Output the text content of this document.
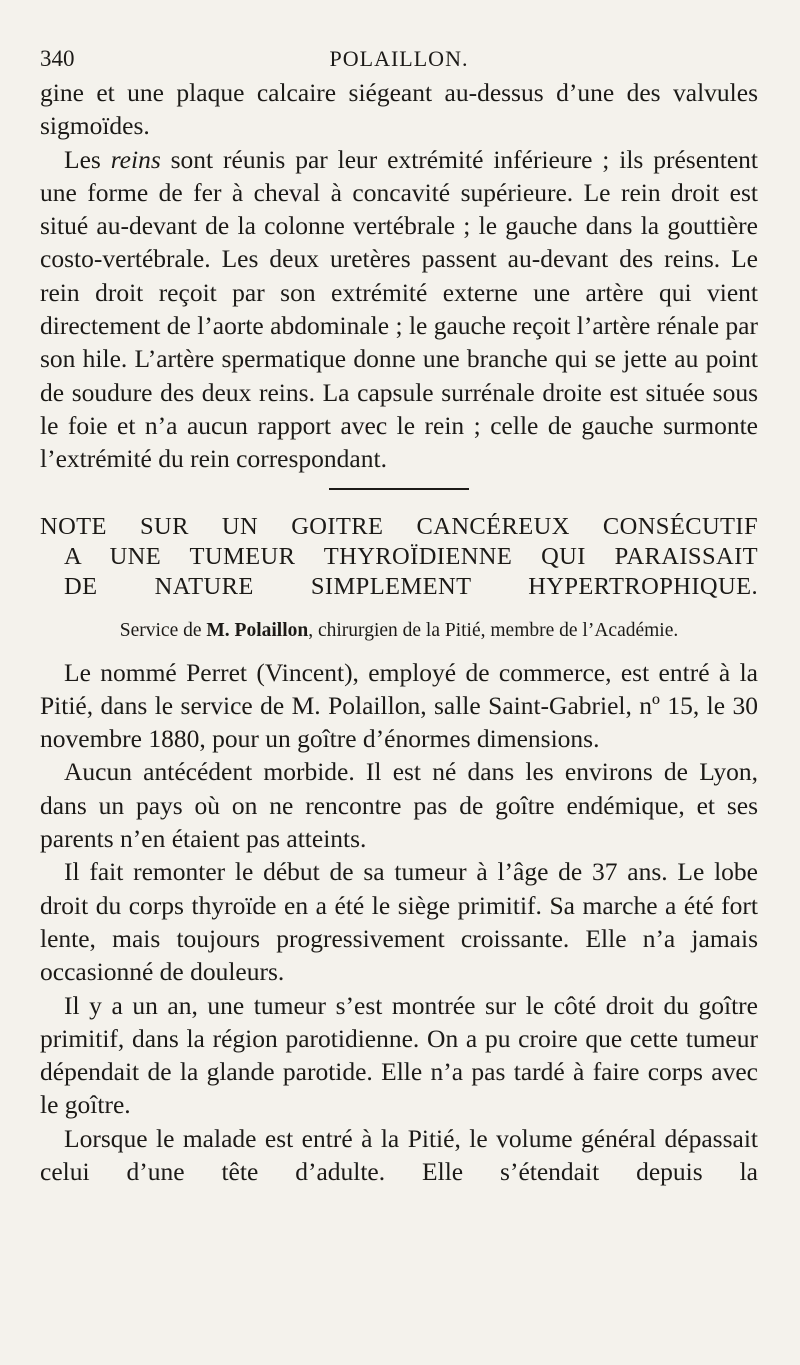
340	POLAILLON.

gine et une plaque calcaire siégeant au-dessus d’une des valvules sigmoïdes.

Les reins sont réunis par leur extrémité inférieure ; ils présentent une forme de fer à cheval à concavité supérieure. Le rein droit est situé au-devant de la colonne vertébrale ; le gauche dans la gouttière costo-vertébrale. Les deux uretères passent au-devant des reins. Le rein droit reçoit par son extrémité externe une artère qui vient directement de l’aorte abdominale ; le gauche reçoit l’artère rénale par son hile. L’artère spermatique donne une branche qui se jette au point de soudure des deux reins. La capsule surrénale droite est située sous le foie et n’a aucun rapport avec le rein ; celle de gauche surmonte l’extrémité du rein correspondant.

NOTE SUR UN GOITRE CANCÉREUX CONSÉCUTIF
A UNE TUMEUR THYROÏDIENNE QUI PARAISSAIT
DE NATURE SIMPLEMENT HYPERTROPHIQUE.
Service de M. Polaillon, chirurgien de la Pitié, membre de l’Académie.

Le nommé Perret (Vincent), employé de commerce, est entré à la Pitié, dans le service de M. Polaillon, salle Saint-Gabriel, nº 15, le 30 novembre 1880, pour un goître d’énormes dimensions.

Aucun antécédent morbide. Il est né dans les environs de Lyon, dans un pays où on ne rencontre pas de goître endémique, et ses parents n’en étaient pas atteints.

Il fait remonter le début de sa tumeur à l’âge de 37 ans. Le lobe droit du corps thyroïde en a été le siège primitif. Sa marche a été fort lente, mais toujours progressivement croissante. Elle n’a jamais occasionné de douleurs.

Il y a un an, une tumeur s’est montrée sur le côté droit du goître primitif, dans la région parotidienne. On a pu croire que cette tumeur dépendait de la glande parotide. Elle n’a pas tardé à faire corps avec le goître.

Lorsque le malade est entré à la Pitié, le volume général dépassait celui d’une tête d’adulte. Elle s’étendait depuis la
